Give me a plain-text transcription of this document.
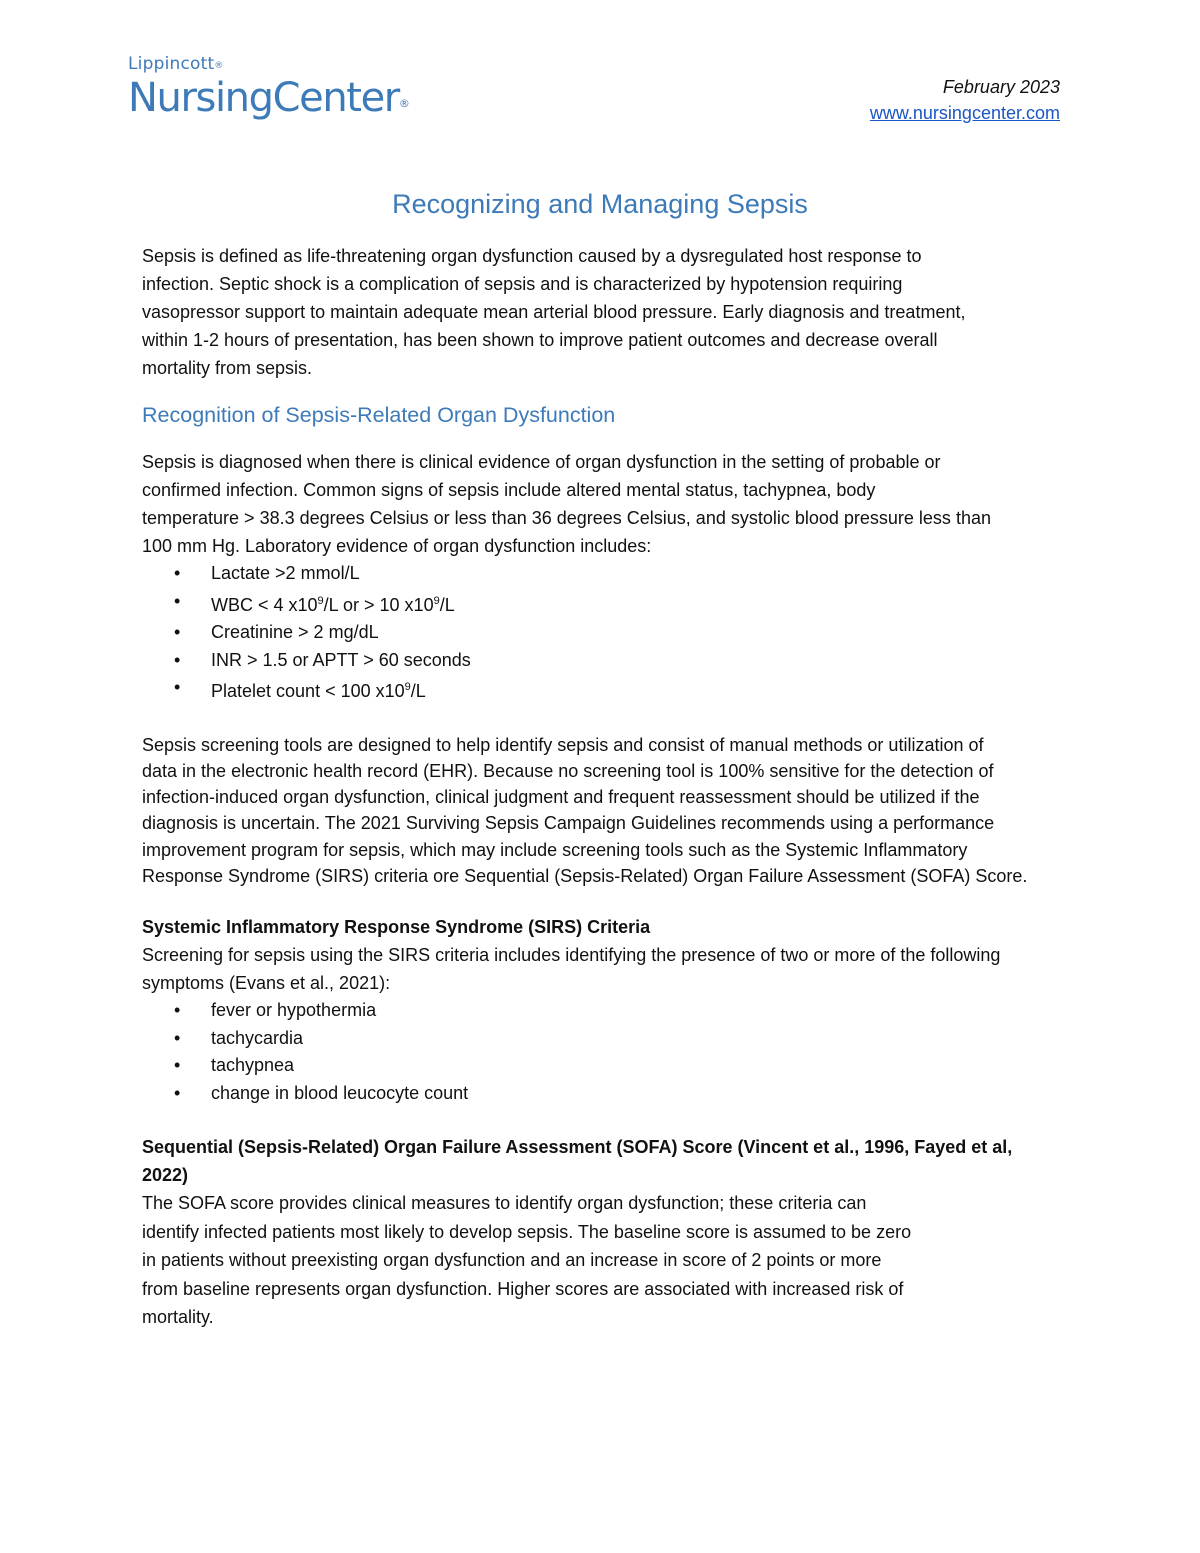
Lippincott®
NursingCenter®
February 2023
www.nursingcenter.com
Recognizing and Managing Sepsis

Sepsis is defined as life-threatening organ dysfunction caused by a dysregulated host response to

infection. Septic shock is a complication of sepsis and is characterized by hypotension requiring

vasopressor support to maintain adequate mean arterial blood pressure. Early diagnosis and treatment,

within 1-2 hours of presentation, has been shown to improve patient outcomes and decrease overall

mortality from sepsis.

Recognition of Sepsis-Related Organ Dysfunction

Sepsis is diagnosed when there is clinical evidence of organ dysfunction in the setting of probable or

confirmed infection. Common signs of sepsis include altered mental status, tachypnea, body

temperature > 38.3 degrees Celsius or less than 36 degrees Celsius, and systolic blood pressure less than

100 mm Hg. Laboratory evidence of organ dysfunction includes:

• Lactate >2 mmol/L
• WBC < 4 $x10^9/L$ or > 10 $x10^9/L$
• Creatinine > 2 mg/dL
• INR > 1.5 or APTT > 60 seconds
• Platelet count < 100 $x10^9/L$

Sepsis screening tools are designed to help identify sepsis and consist of manual methods or utilization of

data in the electronic health record (EHR). Because no screening tool is 100% sensitive for the detection of

infection-induced organ dysfunction, clinical judgment and frequent reassessment should be utilized if the

diagnosis is uncertain. The 2021 Surviving Sepsis Campaign Guidelines recommends using a performance

improvement program for sepsis, which may include screening tools such as the Systemic Inflammatory

Response Syndrome (SIRS) criteria ore Sequential (Sepsis-Related) Organ Failure Assessment (SOFA) Score.

Systemic Inflammatory Response Syndrome (SIRS) Criteria

Screening for sepsis using the SIRS criteria includes identifying the presence of two or more of the following

symptoms (Evans et al., 2021):

• fever or hypothermia
• tachycardia
• tachypnea
• change in blood leucocyte count

Sequential (Sepsis-Related) Organ Failure Assessment (SOFA) Score (Vincent et al., 1996, Fayed et al,

2022)

The SOFA score provides clinical measures to identify organ dysfunction; these criteria can

identify infected patients most likely to develop sepsis. The baseline score is assumed to be zero

in patients without preexisting organ dysfunction and an increase in score of 2 points or more

from baseline represents organ dysfunction. Higher scores are associated with increased risk of

mortality.
